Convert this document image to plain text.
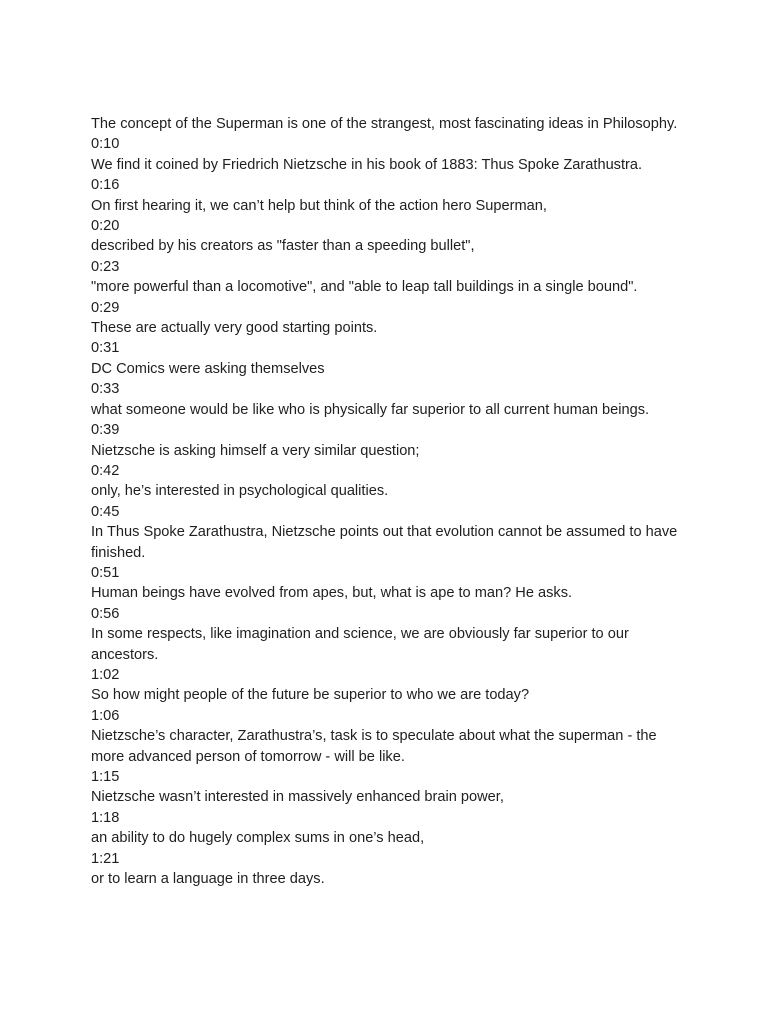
The concept of the Superman is one of the strangest, most fascinating ideas in Philosophy.
0:10
We find it coined by Friedrich Nietzsche in his book of 1883: Thus Spoke Zarathustra.
0:16
On first hearing it, we can’t help but think of the action hero Superman,
0:20
described by his creators as "faster than a speeding bullet",
0:23
"more powerful than a locomotive", and "able to leap tall buildings in a single bound".
0:29
These are actually very good starting points.
0:31
DC Comics were asking themselves
0:33
what someone would be like who is physically far superior to all current human beings.
0:39
Nietzsche is asking himself a very similar question;
0:42
only, he’s interested in psychological qualities.
0:45
In Thus Spoke Zarathustra, Nietzsche points out that evolution cannot be assumed to have finished.
0:51
Human beings have evolved from apes, but, what is ape to man? He asks.
0:56
In some respects, like imagination and science, we are obviously far superior to our ancestors.
1:02
So how might people of the future be superior to who we are today?
1:06
Nietzsche’s character, Zarathustra’s, task is to speculate about what the superman - the more advanced person of tomorrow - will be like.
1:15
Nietzsche wasn’t interested in massively enhanced brain power,
1:18
an ability to do hugely complex sums in one’s head,
1:21
or to learn a language in three days.
